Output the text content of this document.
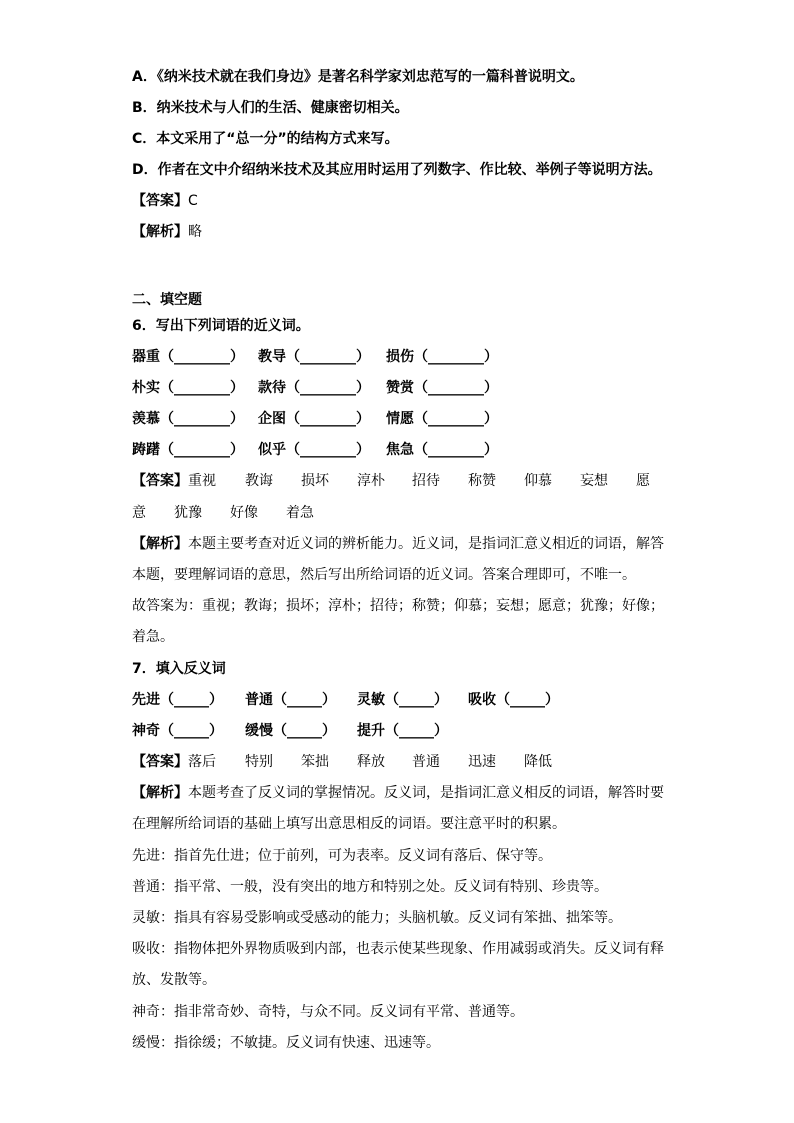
A．《纳米技术就在我们身边》是著名科学家刘忠范写的一篇科普说明文。
B．纳米技术与人们的生活、健康密切相关。
C．本文采用了“总一分”的结构方式来写。
D．作者在文中介绍纳米技术及其应用时运用了列数字、作比较、举例子等说明方法。
【答案】C
【解析】略
二、填空题
6．写出下列词语的近义词。
器重（________） 教导（________） 损伤（________）
朴实（________） 款待（________） 赞赏（________）
羡慕（________） 企图（________） 情愿（________）
踌躇（________） 似乎（________） 焦急（________）
【答案】 重视 教诲 损坏 淳朴 招待 称赞 仰慕 妄想 愿
意 犹豫 好像 着急
【解析】本题主要考查对近义词的辨析能力。近义词，是指词汇意义相近的词语，解答
本题，要理解词语的意思，然后写出所给词语的近义词。答案合理即可，不唯一。
故答案为：重视；教诲；损坏；淳朴；招待；称赞；仰慕；妄想；愿意；犹豫；好像；
着急。
7．填入反义词
先进（_____） 普通（_____） 灵敏（_____） 吸收（_____）
神奇（_____） 缓慢（_____） 提升（_____）
【答案】 落后 特别 笨拙 释放 普通 迅速 降低
【解析】本题考查了反义词的掌握情况。反义词，是指词汇意义相反的词语，解答时要
在理解所给词语的基础上填写出意思相反的词语。要注意平时的积累。
先进：指首先仕进；位于前列，可为表率。反义词有落后、保守等。
普通：指平常、一般，没有突出的地方和特别之处。反义词有特别、珍贵等。
灵敏：指具有容易受影响或受感动的能力；头脑机敏。反义词有笨拙、拙笨等。
吸收：指物体把外界物质吸到内部，也表示使某些现象、作用减弱或消失。反义词有释
放、发散等。
神奇：指非常奇妙、奇特，与众不同。反义词有平常、普通等。
缓慢：指徐缓；不敏捷。反义词有快速、迅速等。
